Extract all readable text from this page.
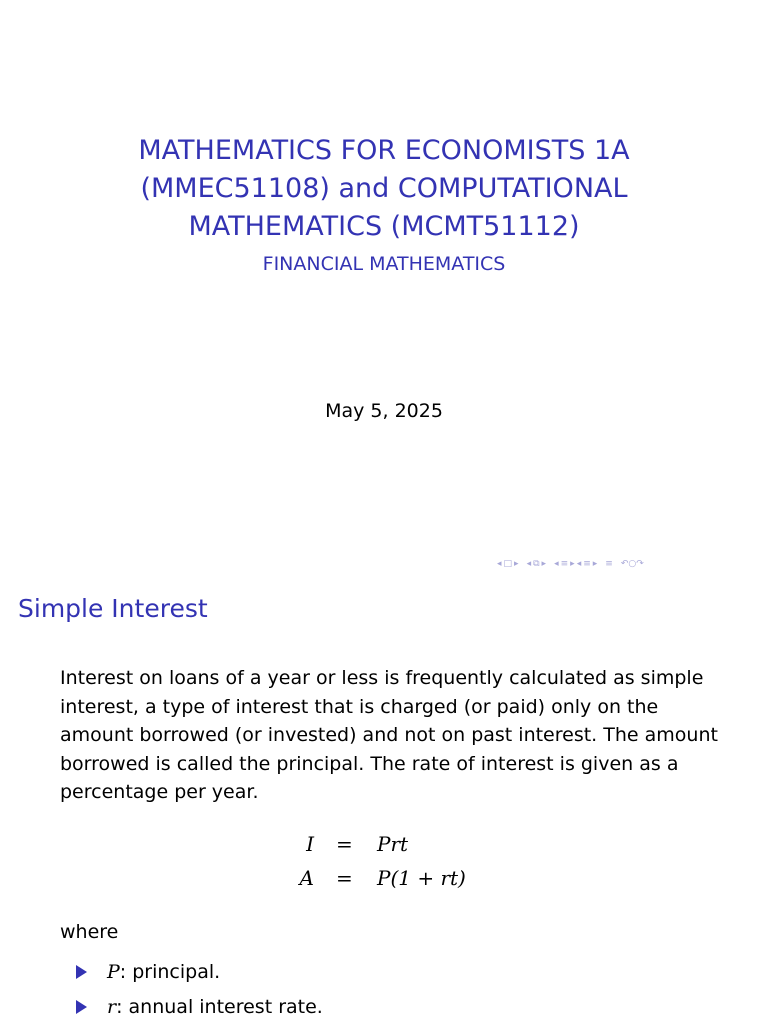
MATHEMATICS FOR ECONOMISTS 1A
(MMEC51108) and COMPUTATIONAL
MATHEMATICS (MCMT51112)
FINANCIAL MATHEMATICS
May 5, 2025
◂ □ ▸ ◂ ⧉ ▸ ◂ ≡ ▸ ◂ ≡ ▸ ≡ ↶○↷
Simple Interest
Interest on loans of a year or less is frequently calculated as simple interest, a type of interest that is charged (or paid) only on the amount borrowed (or invested) and not on past interest. The amount borrowed is called the principal. The rate of interest is given as a percentage per year.
I = Prt
A = P(1 + rt)
where
P : principal.
r : annual interest rate.
